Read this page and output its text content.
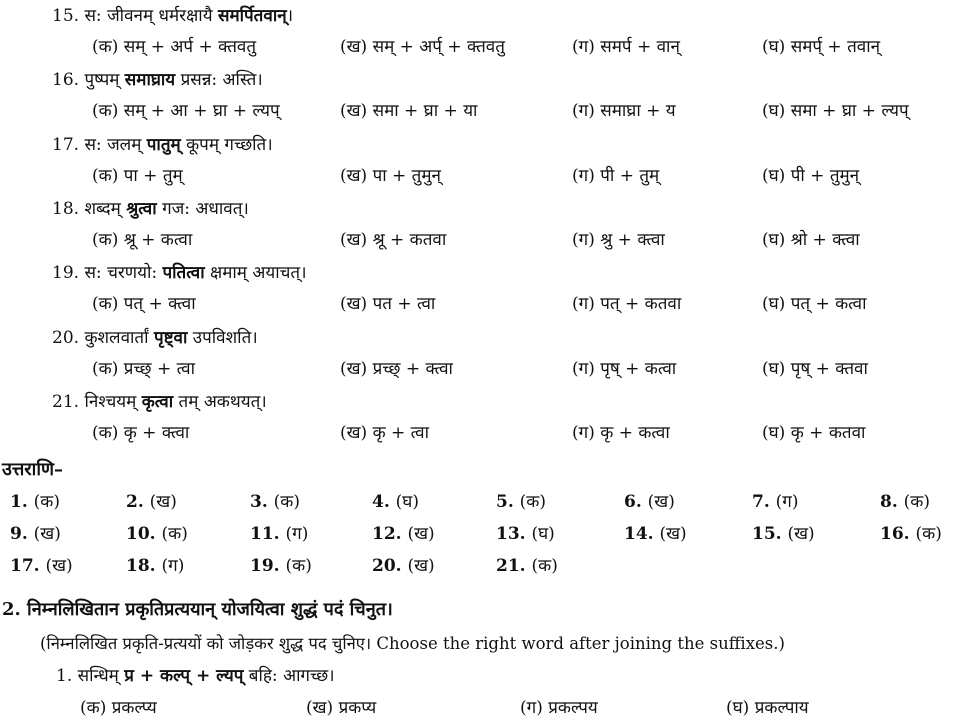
15. स: जीवनम् धर्मरक्षायै समर्पितवान्।
(क) सम् + अर्प + क्तवतु	(ख) सम् + अर्प् + क्तवतु	(ग) समर्प + वान्	(घ) समर्प् + तवान्
16. पुष्पम् समाघ्राय प्रसन्न: अस्ति।
(क) सम् + आ + घ्रा + ल्यप्	(ख) समा + घ्रा + या	(ग) समाघ्रा + य	(घ) समा + घ्रा + ल्यप्
17. स: जलम् पातुम् कूपम् गच्छति।
(क) पा + तुम्	(ख) पा + तुमुन्	(ग) पी + तुम्	(घ) पी + तुमुन्
18. शब्दम् श्रुत्वा गज: अधावत्।
(क) श्रू + कत्वा	(ख) श्रू + कतवा	(ग) श्रु + क्त्वा	(घ) श्रो + क्त्वा
19. स: चरणयो: पतित्वा क्षमाम् अयाचत्।
(क) पत् + क्त्वा	(ख) पत + त्वा	(ग) पत् + कतवा	(घ) पत् + कत्वा
20. कुशलवार्तां पृष्ट्वा उपविशति।
(क) प्रच्छ् + त्वा	(ख) प्रच्छ् + क्त्वा	(ग) पृष् + कत्वा	(घ) पृष् + क्तवा
21. निश्चयम् कृत्वा तम् अकथयत्।
(क) कृ + क्त्वा	(ख) कृ + त्वा	(ग) कृ + कत्वा	(घ) कृ + कतवा
उत्तराणि–
1. (क)	2. (ख)	3. (क)	4. (घ)	5. (क)	6. (ख)	7. (ग)	8. (क)
9. (ख)	10. (क)	11. (ग)	12. (ख)	13. (घ)	14. (ख)	15. (ख)	16. (क)
17. (ख)	18. (ग)	19. (क)	20. (ख)	21. (क)
2. निम्नलिखितान प्रकृतिप्रत्ययान् योजयित्वा शुद्धं पदं चिनुत।
(निम्नलिखित प्रकृति-प्रत्ययों को जोड़कर शुद्ध पद चुनिए। Choose the right word after joining the suffixes.)
1. सन्धिम् प्र + कल्प् + ल्यप् बहि: आगच्छ।
(क) प्रकल्प्य	(ख) प्रकप्य	(ग) प्रकल्पय	(घ) प्रकल्पाय
